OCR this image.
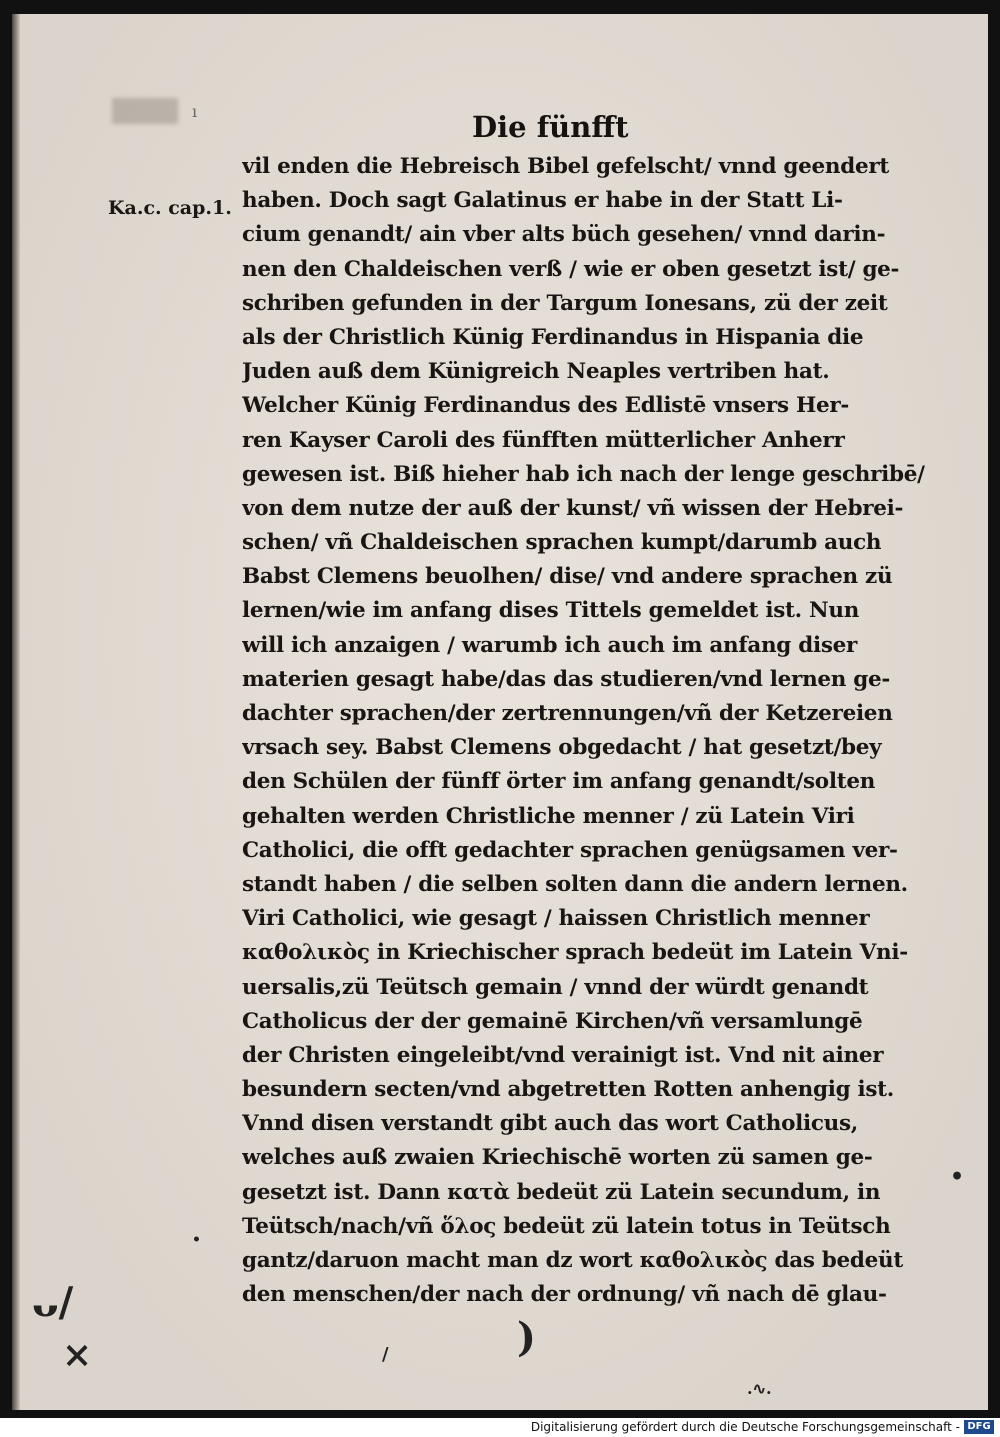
ı	Die fünfft
Ka.c. cap.1.
vil enden die Hebreisch Bibel gefelscht/ vnnd geendert
haben. Doch sagt Galatinus er habe in der Statt Li-
cium genandt/ ain vber alts büch gesehen/ vnnd darin-
nen den Chaldeischen verß / wie er oben gesetzt ist/ ge-
schriben gefunden in der Targum Ionesans, zü der zeit
als der Christlich Künig Ferdinandus in Hispania die
Juden auß dem Künigreich Neaples vertriben hat.
Welcher Künig Ferdinandus des Edlistē vnsers Her-
ren Kayser Caroli des fünfften mütterlicher Anherr
gewesen ist. Biß hieher hab ich nach der lenge geschribē/
von dem nutze der auß der kunst/ vñ wissen der Hebrei-
schen/ vñ Chaldeischen sprachen kumpt/darumb auch
Babst Clemens beuolhen/ dise/ vnd andere sprachen zü
lernen/wie im anfang dises Tittels gemeldet ist. Nun
will ich anzaigen / warumb ich auch im anfang diser
materien gesagt habe/das das studieren/vnd lernen ge-
dachter sprachen/der zertrennungen/vñ der Ketzereien
vrsach sey. Babst Clemens obgedacht / hat gesetzt/bey
den Schülen der fünff örter im anfang genandt/solten
gehalten werden Christliche menner / zü Latein Viri
Catholici, die offt gedachter sprachen genügsamen ver-
standt haben / die selben solten dann die andern lernen.
Viri Catholici, wie gesagt / haissen Christlich menner
καθολικὸς in Kriechischer sprach bedeüt im Latein Vni-
uersalis,zü Teütsch gemain / vnnd der würdt genandt
Catholicus der der gemainē Kirchen/vñ versamlungē
der Christen eingeleibt/vnd verainigt ist. Vnd nit ainer
besundern secten/vnd abgetretten Rotten anhengig ist.
Vnnd disen verstandt gibt auch das wort Catholicus,
welches auß zwaien Kriechischē worten zü samen ge-
gesetzt ist. Dann κατὰ bedeüt zü Latein secundum, in
Teütsch/nach/vñ ὅλος bedeüt zü latein totus in Teütsch
gantz/daruon macht man dz wort καθολικὸς das bedeüt
den menschen/der nach der ordnung/ vñ nach dē glau-
ᴗ/
×	)
/
.∿.
•
•
Digitalisierung gefördert durch die Deutsche Forschungsgemeinschaft - DFG
